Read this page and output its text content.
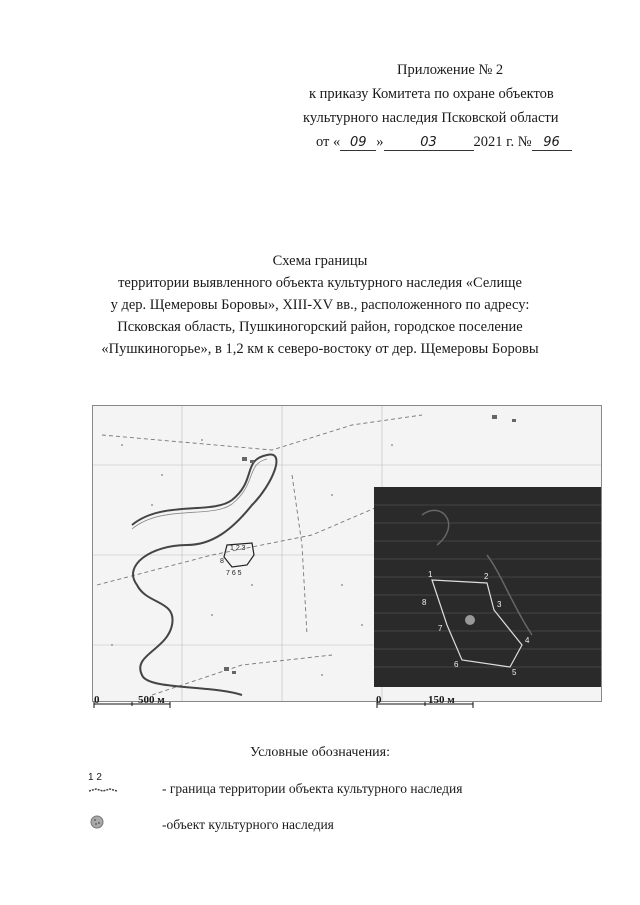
Приложение № 2
к приказу Комитета по охране объектов
культурного наследия Псковской области
от « 09 »	03	2021 г. № 96
Схема границы
территории выявленного объекта культурного наследия «Селище
у дер. Щемеровы Боровы», XIII-XV вв., расположенного по адресу:
Псковская область, Пушкиногорский район, городское поселение
«Пушкиногорье», в 1,2 км к северо-востоку от дер. Щемеровы Боровы
1 2 3
8
7 6 5	1	2
3
4
5
6
7
8
0	500 м	0	150 м
Условные обозначения:
1 2
- граница территории объекта культурного наследия
-объект культурного наследия
